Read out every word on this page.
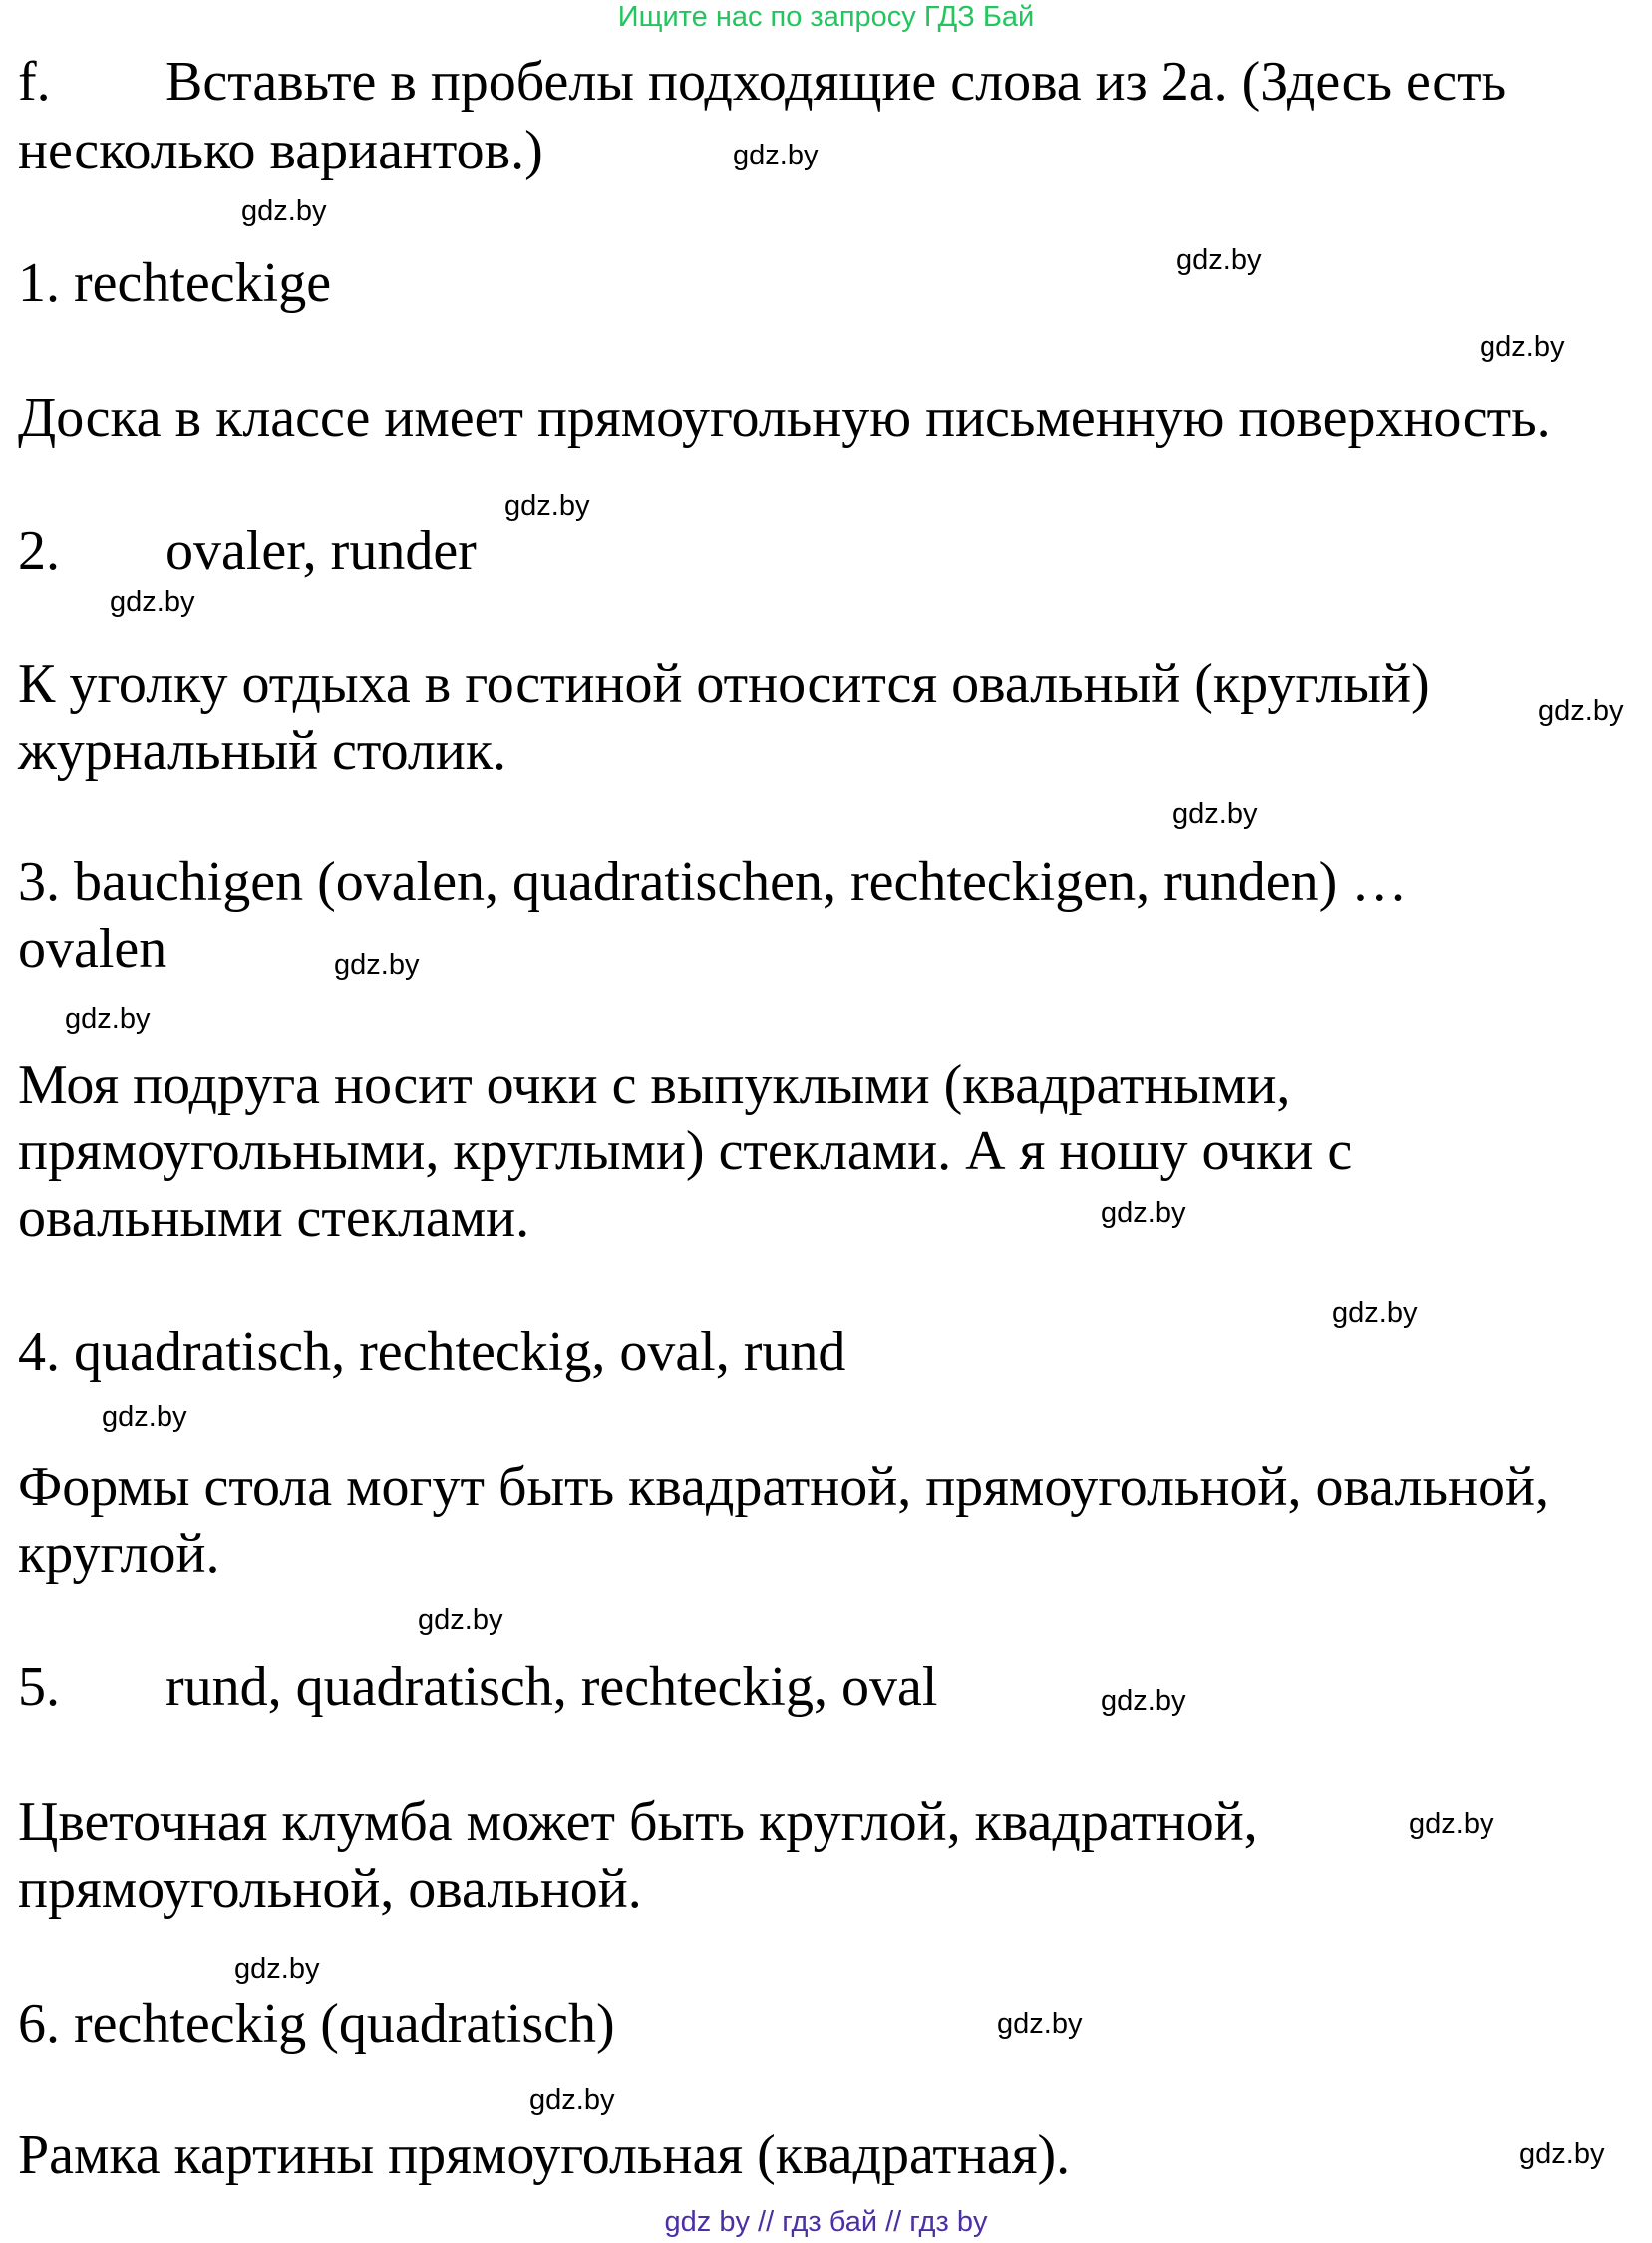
Ищите нас по запросу ГДЗ Бай
f. Вставьте в пробелы подходящие слова из 2a. (Здесь есть
несколько вариантов.)
1. rechteckige
Доска в классе имеет прямоугольную письменную поверхность.
2. ovaler, runder
К уголку отдыха в гостиной относится овальный (круглый)
журнальный столик.
3. bauchigen (ovalen, quadratischen, rechteckigen, runden) …
ovalen
Моя подруга носит очки с выпуклыми (квадратными,
прямоугольными, круглыми) стеклами. А я ношу очки с
овальными стеклами.
4. quadratisch, rechteckig, oval, rund
Формы стола могут быть квадратной, прямоугольной, овальной,
круглой.
5. rund, quadratisch, rechteckig, oval
Цветочная клумба может быть круглой, квадратной,
прямоугольной, овальной.
6. rechteckig (quadratisch)
Рамка картины прямоугольная (квадратная).
gdz.by
gdz.by
gdz.by
gdz.by
gdz.by
gdz.by
gdz.by
gdz.by
gdz.by
gdz.by
gdz.by
gdz.by
gdz.by
gdz.by
gdz.by
gdz.by
gdz.by
gdz.by
gdz.by
gdz.by
gdz by // гдз бай // гдз by
